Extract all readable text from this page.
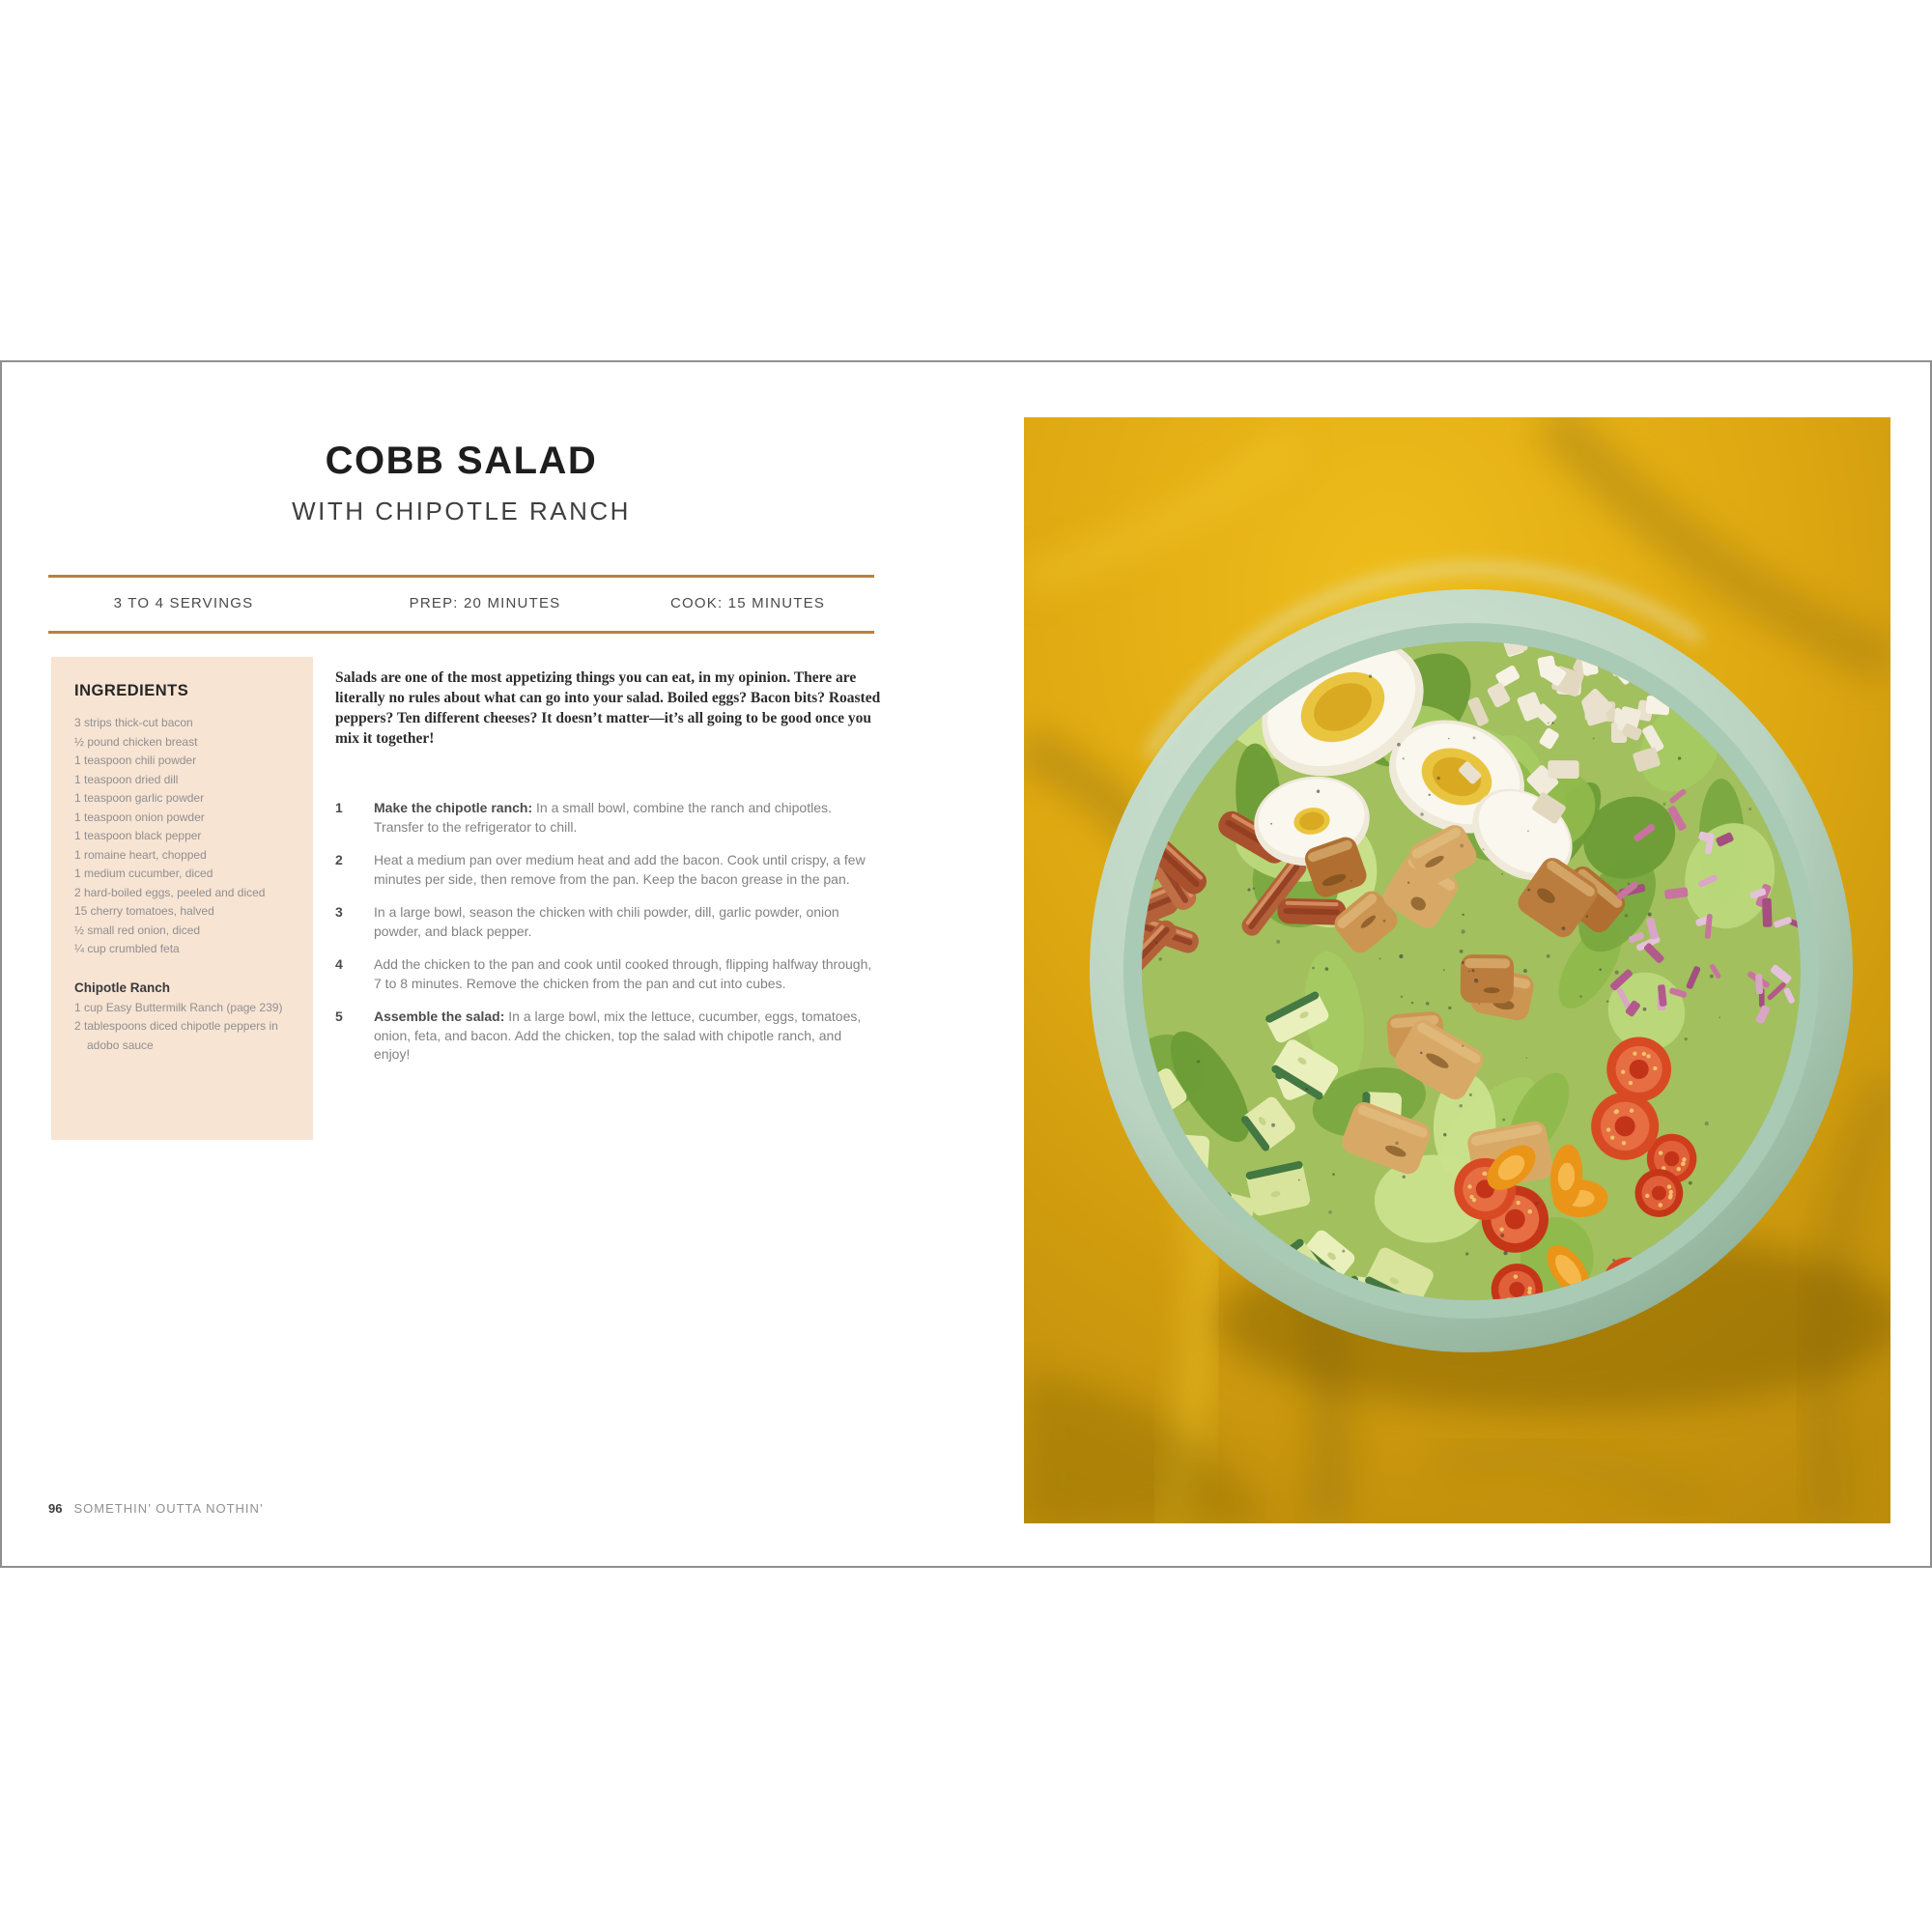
COBB SALAD
WITH CHIPOTLE RANCH
3 TO 4 SERVINGS	PREP: 20 MINUTES	COOK: 15 MINUTES
INGREDIENTS
3 strips thick-cut bacon
½ pound chicken breast
1 teaspoon chili powder
1 teaspoon dried dill
1 teaspoon garlic powder
1 teaspoon onion powder
1 teaspoon black pepper
1 romaine heart, chopped
1 medium cucumber, diced
2 hard-boiled eggs, peeled and diced
15 cherry tomatoes, halved
½ small red onion, diced
¼ cup crumbled feta
Chipotle Ranch
1 cup Easy Buttermilk Ranch (page 239)
2 tablespoons diced chipotle peppers in adobo sauce

Salads are one of the most appetizing things you can eat, in my opinion. There are literally no rules about what can go into your salad. Boiled eggs? Bacon bits? Roasted peppers? Ten different cheeses? It doesn’t matter—it’s all going to be good once you mix it together!

1 Make the chipotle ranch: In a small bowl, combine the ranch and chipotles. Transfer to the refrigerator to chill.
2 Heat a medium pan over medium heat and add the bacon. Cook until crispy, a few minutes per side, then remove from the pan. Keep the bacon grease in the pan.
3 In a large bowl, season the chicken with chili powder, dill, garlic powder, onion powder, and black pepper.
4 Add the chicken to the pan and cook until cooked through, flipping halfway through, 7 to 8 minutes. Remove the chicken from the pan and cut into cubes.
5 Assemble the salad: In a large bowl, mix the lettuce, cucumber, eggs, tomatoes, onion, feta, and bacon. Add the chicken, top the salad with chipotle ranch, and enjoy!
96 SOMETHIN’ OUTTA NOTHIN’
